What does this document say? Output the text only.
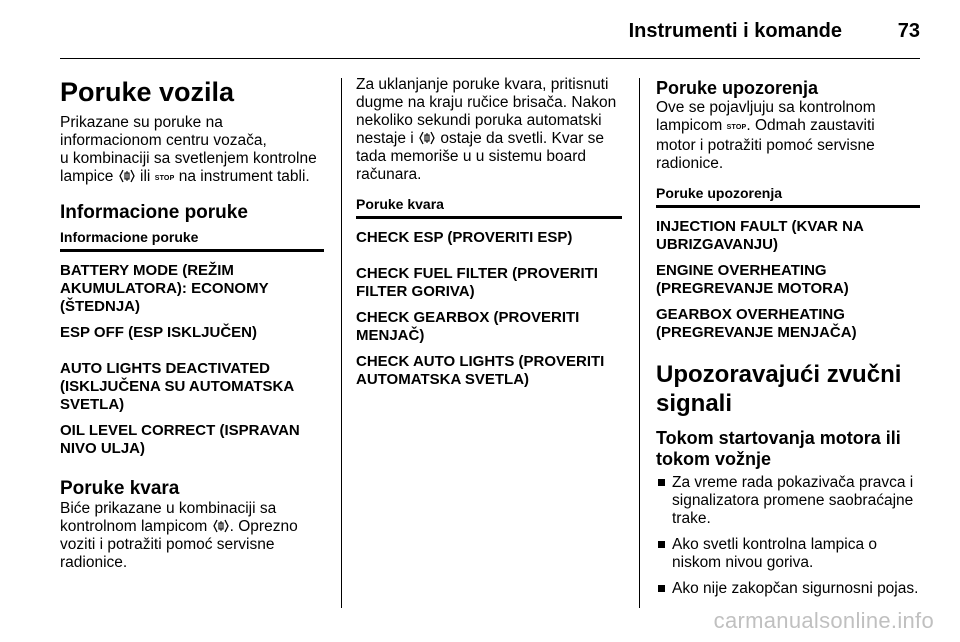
Instrumenti i komande	73
Poruke vozila
Prikazane su poruke na
informacionom centru vozača,
u kombinaciji sa svetlenjem kontrolne
lampice ili STOP na instrument tabli.
Informacione poruke
Informacione poruke
BATTERY MODE (REŽIM AKUMULATORA): ECONOMY (ŠTEDNJA)
ESP OFF (ESP ISKLJUČEN)
AUTO LIGHTS DEACTIVATED (ISKLJUČENA SU AUTOMATSKA SVETLA)
OIL LEVEL CORRECT (ISPRAVAN NIVO ULJA)
Poruke kvara
Biće prikazane u kombinaciji sa
kontrolnom lampicom . Oprezno
voziti i potražiti pomoć servisne
radionice.
Za uklanjanje poruke kvara, pritisnuti
dugme na kraju ručice brisača. Nakon
nekoliko sekundi poruka automatski
nestaje i ostaje da svetli. Kvar se
tada memoriše u u sistemu board
računara.
Poruke kvara
CHECK ESP (PROVERITI ESP)
CHECK FUEL FILTER (PROVERITI FILTER GORIVA)
CHECK GEARBOX (PROVERITI MENJAČ)
CHECK AUTO LIGHTS (PROVERITI AUTOMATSKA SVETLA)
Poruke upozorenja
Ove se pojavljuju sa kontrolnom
lampicom STOP. Odmah zaustaviti
motor i potražiti pomoć servisne
radionice.
Poruke upozorenja
INJECTION FAULT (KVAR NA UBRIZGAVANJU)
ENGINE OVERHEATING (PREGREVANJE MOTORA)
GEARBOX OVERHEATING (PREGREVANJE MENJAČA)
Upozoravajući zvučni signali
Tokom startovanja motora ili tokom vožnje
Za vreme rada pokazivača pravca i signalizatora promene saobraćajne trake.
Ako svetli kontrolna lampica o niskom nivou goriva.
Ako nije zakopčan sigurnosni pojas.
carmanualsonline.info
